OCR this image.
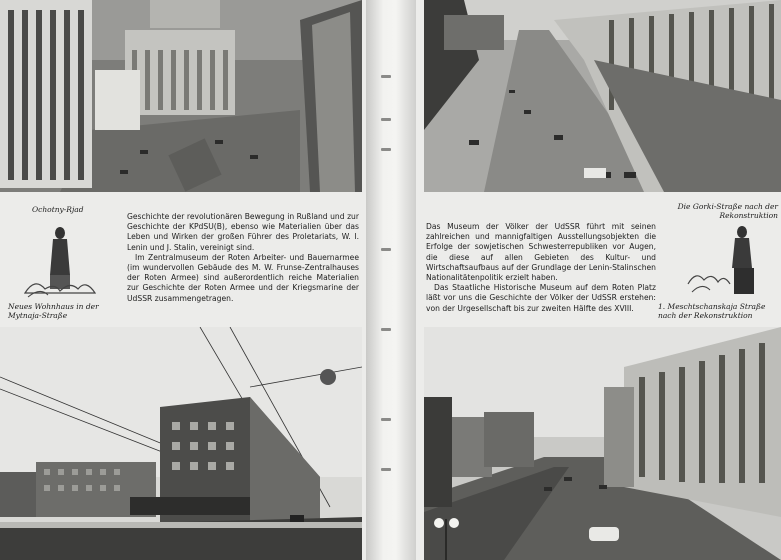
Ochotny-Rjad

Geschichte der revolutionären Bewegung in Rußland und zur Geschichte der KPdSU(B), ebenso wie Materialien über das Leben und Wirken der großen Führer des Proletariats, W. I. Lenin und J. Stalin, vereinigt sind.

Im Zentralmuseum der Roten Arbeiter- und Bauernarmee (im wundervollen Gebäude des M. W. Frunse-Zentralhauses der Roten Armee) sind außerordentlich reiche Materialien zur Geschichte der Roten Armee und der Kriegsmarine der UdSSR zusammengetragen.

Neues Wohnhaus in der Mytnaja-Straße
Die Gorki-Straße nach der Rekonstruktion

Das Museum der Völker der UdSSR führt mit seinen zahlreichen und mannigfaltigen Ausstellungsobjekten die Erfolge der sowjetischen Schwesterrepubliken vor Augen, die diese auf allen Gebieten des Kultur- und Wirtschaftsaufbaus auf der Grundlage der Lenin-Stalinschen Nationalitätenpolitik erzielt haben.

Das Staatliche Historische Museum auf dem Roten Platz läßt vor uns die Geschichte der Völker der UdSSR erstehen: von der Urgesellschaft bis zur zweiten Hälfte des XVIII.	1. Meschtschanskaja Straße nach der Rekonstruktion
